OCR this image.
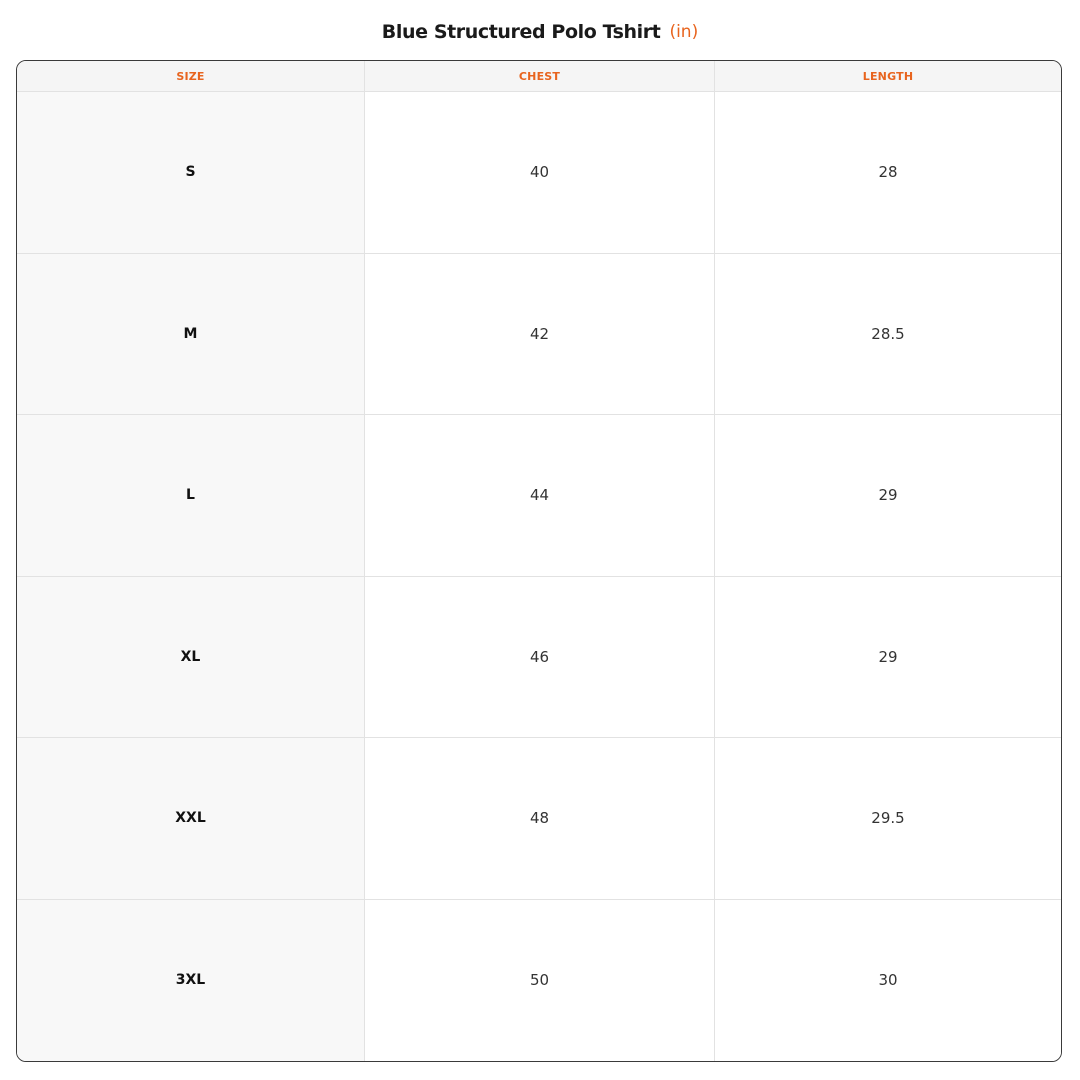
Blue Structured Polo Tshirt (in)
SIZE	CHEST	LENGTH
S	40	28
M	42	28.5
L	44	29
XL	46	29
XXL	48	29.5
3XL	50	30
